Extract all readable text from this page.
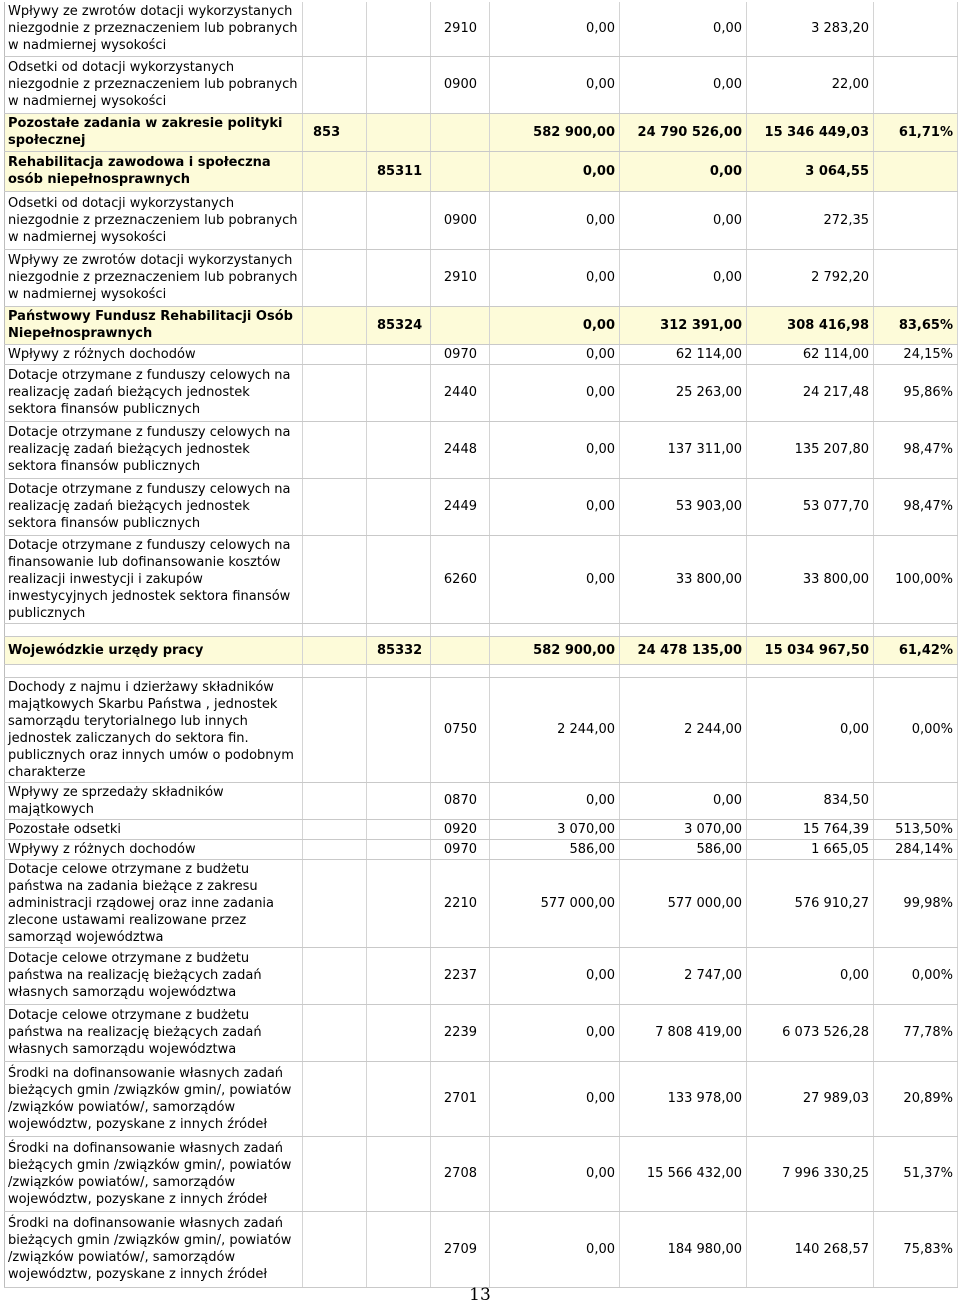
Wpływy ze zwrotów dotacji wykorzystanych niezgodnie z przeznaczeniem lub pobranych w nadmiernej wysokości			2910	0,00	0,00	3 283,20	
Odsetki od dotacji wykorzystanych niezgodnie z przeznaczeniem lub pobranych w nadmiernej wysokości			0900	0,00	0,00	22,00	
Pozostałe zadania w zakresie polityki społecznej	853			582 900,00	24 790 526,00	15 346 449,03	61,71%
Rehabilitacja zawodowa i społeczna osób niepełnosprawnych		85311		0,00	0,00	3 064,55	
Odsetki od dotacji wykorzystanych niezgodnie z przeznaczeniem lub pobranych w nadmiernej wysokości			0900	0,00	0,00	272,35	
Wpływy ze zwrotów dotacji wykorzystanych niezgodnie z przeznaczeniem lub pobranych w nadmiernej wysokości			2910	0,00	0,00	2 792,20	
Państwowy Fundusz Rehabilitacji Osób Niepełnosprawnych		85324		0,00	312 391,00	308 416,98	83,65%
Wpływy z różnych dochodów			0970	0,00	62 114,00	62 114,00	24,15%
Dotacje otrzymane z funduszy celowych na realizację zadań bieżących jednostek sektora finansów publicznych			2440	0,00	25 263,00	24 217,48	95,86%
Dotacje otrzymane z funduszy celowych na realizację zadań bieżących jednostek sektora finansów publicznych			2448	0,00	137 311,00	135 207,80	98,47%
Dotacje otrzymane z funduszy celowych na realizację zadań bieżących jednostek sektora finansów publicznych			2449	0,00	53 903,00	53 077,70	98,47%
Dotacje otrzymane z funduszy celowych na finansowanie lub dofinansowanie kosztów realizacji inwestycji i zakupów inwestycyjnych jednostek sektora finansów publicznych			6260	0,00	33 800,00	33 800,00	100,00%

Wojewódzkie urzędy pracy		85332		582 900,00	24 478 135,00	15 034 967,50	61,42%

Dochody z najmu i dzierżawy składników majątkowych Skarbu Państwa , jednostek samorządu terytorialnego lub innych jednostek zaliczanych do sektora fin. publicznych oraz innych umów o podobnym charakterze			0750	2 244,00	2 244,00	0,00	0,00%
Wpływy ze sprzedaży składników majątkowych			0870	0,00	0,00	834,50	
Pozostałe odsetki			0920	3 070,00	3 070,00	15 764,39	513,50%
Wpływy z różnych dochodów			0970	586,00	586,00	1 665,05	284,14%
Dotacje celowe otrzymane z budżetu państwa na zadania bieżące z zakresu administracji rządowej oraz inne zadania zlecone ustawami realizowane przez samorząd województwa			2210	577 000,00	577 000,00	576 910,27	99,98%
Dotacje celowe otrzymane z budżetu państwa na realizację bieżących zadań własnych samorządu województwa			2237	0,00	2 747,00	0,00	0,00%
Dotacje celowe otrzymane z budżetu państwa na realizację bieżących zadań własnych samorządu województwa			2239	0,00	7 808 419,00	6 073 526,28	77,78%
Środki na dofinansowanie własnych zadań bieżących gmin /związków gmin/, powiatów /związków powiatów/, samorządów województw, pozyskane z innych źródeł			2701	0,00	133 978,00	27 989,03	20,89%
Środki na dofinansowanie własnych zadań bieżących gmin /związków gmin/, powiatów /związków powiatów/, samorządów województw, pozyskane z innych źródeł			2708	0,00	15 566 432,00	7 996 330,25	51,37%
Środki na dofinansowanie własnych zadań bieżących gmin /związków gmin/, powiatów /związków powiatów/, samorządów województw, pozyskane z innych źródeł			2709	0,00	184 980,00	140 268,57	75,83%
13
